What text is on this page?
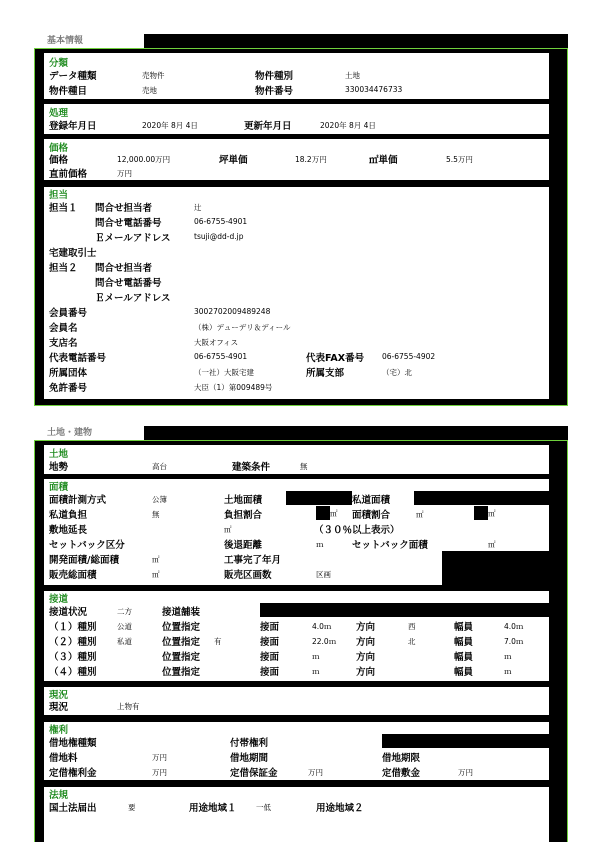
基本情報
分類
データ種類	売物件	物件種別	土地
物件種目	売地	物件番号	330034476733
処理
登録年月日	2020年 8月 4日	更新年月日	2020年 8月 4日
価格
価格	12,000.00万円	坪単価	18.2万円	㎡単価	5.5万円
直前価格	万円
担当
担当１ 問合せ担当者	辻
問合せ電話番号	06-6755-4901
Ｅメールアドレス	tsuji@dd-d.jp
宅建取引士
担当２ 問合せ担当者
問合せ電話番号
Ｅメールアドレス
会員番号	3002702009489248
会員名	（株）デューデリ＆ディール
支店名	大阪オフィス
代表電話番号	06-6755-4901	代表FAX番号 06-6755-4902
所属団体	（一社）大阪宅建	所属支部	（宅）北
免許番号	大臣（1）第009489号
土地・建物
土地
地勢	高台	建築条件	無
面積
面積計測方式	公簿	土地面積	私道面積
私道負担	無	負担割合	㎡ 面積割合	㎡	㎡
敷地延長	㎡	（３０％以上表示）
セットバック区分	後退距離	ｍ	セットバック面積	㎡
開発面積/総面積	㎡	工事完了年月
販売総面積	㎡	販売区画数	区画
接道
接道状況	二方	接道舗装
（１）種別	公道	位置指定	接面	4.0ｍ	方向	西	幅員	4.0ｍ
（２）種別	私道	位置指定 有	接面	22.0ｍ 方向	北	幅員	7.0ｍ
（３）種別	位置指定	接面	ｍ	方向	幅員	ｍ
（４）種別	位置指定	接面	ｍ	方向	幅員	ｍ
現況
現況	上物有
権利
借地権種類	付帯権利
借地料	万円	借地期間	借地期限
定借権利金	万円	定借保証金	万円	定借敷金	万円
法規
国土法届出	要	用途地域１	一低	用途地域２
